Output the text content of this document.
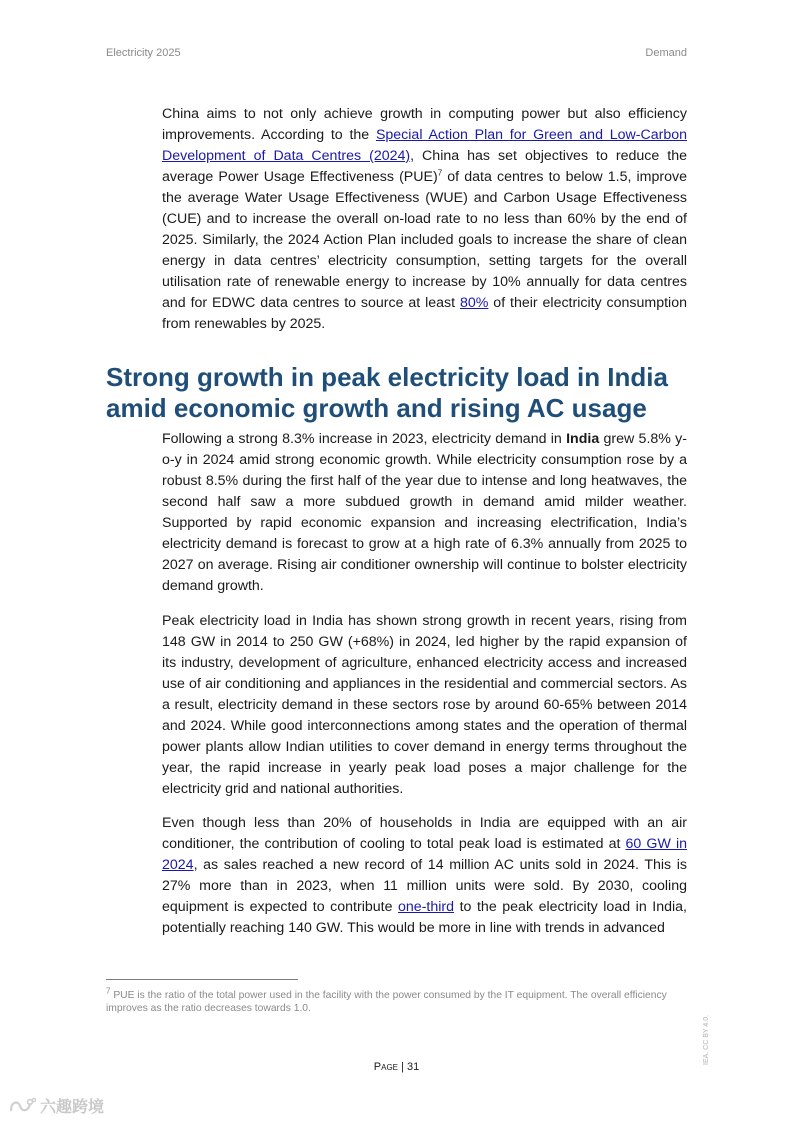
Electricity 2025	Demand

China aims to not only achieve growth in computing power but also efficiency improvements. According to the Special Action Plan for Green and Low-Carbon Development of Data Centres (2024), China has set objectives to reduce the average Power Usage Effectiveness (PUE)$^7$ of data centres to below 1.5, improve the average Water Usage Effectiveness (WUE) and Carbon Usage Effectiveness (CUE) and to increase the overall on-load rate to no less than 60% by the end of 2025. Similarly, the 2024 Action Plan included goals to increase the share of clean energy in data centres’ electricity consumption, setting targets for the overall utilisation rate of renewable energy to increase by 10% annually for data centres and for EDWC data centres to source at least 80% of their electricity consumption from renewables by 2025.

Strong growth in peak electricity load in India amid economic growth and rising AC usage

Following a strong 8.3% increase in 2023, electricity demand in India grew 5.8% y-o-y in 2024 amid strong economic growth. While electricity consumption rose by a robust 8.5% during the first half of the year due to intense and long heatwaves, the second half saw a more subdued growth in demand amid milder weather. Supported by rapid economic expansion and increasing electrification, India’s electricity demand is forecast to grow at a high rate of 6.3% annually from 2025 to 2027 on average. Rising air conditioner ownership will continue to bolster electricity demand growth.

Peak electricity load in India has shown strong growth in recent years, rising from 148 GW in 2014 to 250 GW (+68%) in 2024, led higher by the rapid expansion of its industry, development of agriculture, enhanced electricity access and increased use of air conditioning and appliances in the residential and commercial sectors. As a result, electricity demand in these sectors rose by around 60-65% between 2014 and 2024. While good interconnections among states and the operation of thermal power plants allow Indian utilities to cover demand in energy terms throughout the year, the rapid increase in yearly peak load poses a major challenge for the electricity grid and national authorities.

Even though less than 20% of households in India are equipped with an air conditioner, the contribution of cooling to total peak load is estimated at 60 GW in 2024, as sales reached a new record of 14 million AC units sold in 2024. This is 27% more than in 2023, when 11 million units were sold. By 2030, cooling equipment is expected to contribute one-third to the peak electricity load in India, potentially reaching 140 GW. This would be more in line with trends in advanced

$^7$ PUE is the ratio of the total power used in the facility with the power consumed by the IT equipment. The overall efficiency improves as the ratio decreases towards 1.0.

Page | 31
IEA. CC BY 4.0.
六趣跨境
